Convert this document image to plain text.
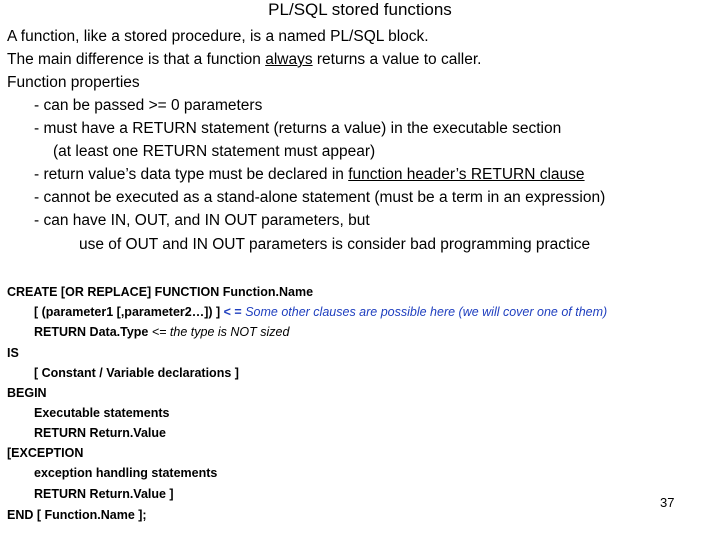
PL/SQL stored functions
A function, like a stored procedure, is a named PL/SQL block.
The main difference is that a function always returns a value to caller.
Function properties
- can be passed >= 0 parameters
- must have a RETURN statement (returns a value) in the executable section
(at least one RETURN statement must appear)
- return value’s data type must be declared in function header’s RETURN clause
- cannot be executed as a stand-alone statement (must be a term in an expression)
- can have IN, OUT, and IN OUT parameters, but
use of OUT and IN OUT parameters is consider bad programming practice
CREATE [OR REPLACE] FUNCTION Function.Name
[ (parameter1 [,parameter2…]) ] < = Some other clauses are possible here (we will cover one of them)
RETURN Data.Type <= the type is NOT sized
IS
[ Constant / Variable declarations ]
BEGIN
Executable statements
RETURN Return.Value
[EXCEPTION
exception handling statements
RETURN Return.Value ]
END [ Function.Name ];
37
